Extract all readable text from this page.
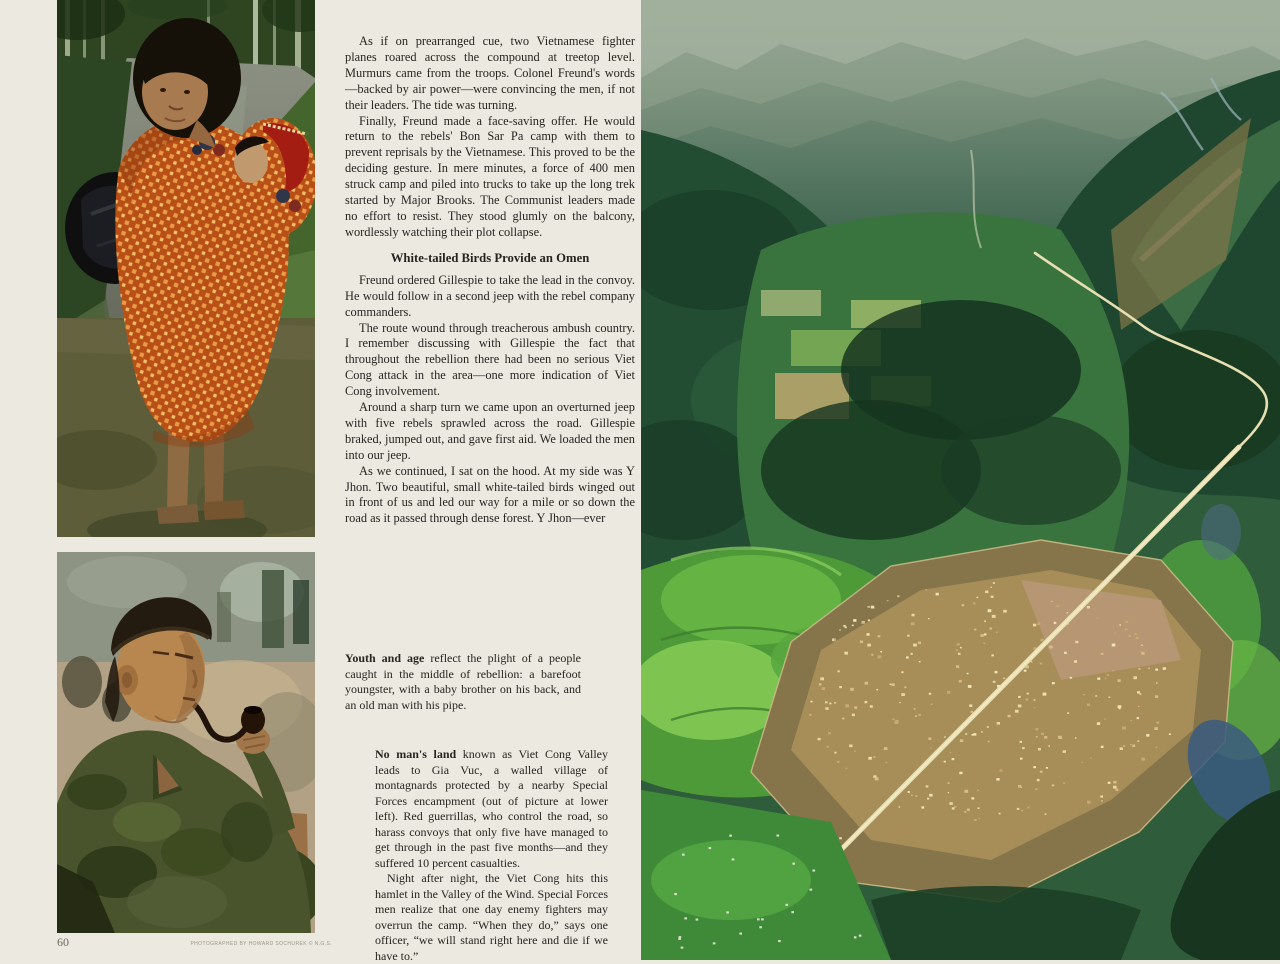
As if on prearranged cue, two Vietnamese fighter planes roared across the compound at treetop level. Murmurs came from the troops. Colonel Freund's words—backed by air power—were convincing the men, if not their leaders. The tide was turning.

Finally, Freund made a face-saving offer. He would return to the rebels' Bon Sar Pa camp with them to prevent reprisals by the Vietnamese. This proved to be the deciding gesture. In mere minutes, a force of 400 men struck camp and piled into trucks to take up the long trek started by Major Brooks. The Communist leaders made no effort to resist. They stood glumly on the balcony, wordlessly watching their plot collapse.

White-tailed Birds Provide an Omen

Freund ordered Gillespie to take the lead in the convoy. He would follow in a second jeep with the rebel company commanders.

The route wound through treacherous ambush country. I remember discussing with Gillespie the fact that throughout the rebellion there had been no serious Viet Cong attack in the area—one more indication of Viet Cong involvement.

Around a sharp turn we came upon an overturned jeep with five rebels sprawled across the road. Gillespie braked, jumped out, and gave first aid. We loaded the men into our jeep.

As we continued, I sat on the hood. At my side was Y Jhon. Two beautiful, small white-tailed birds winged out in front of us and led our way for a mile or so down the road as it passed through dense forest. Y Jhon—ever

Youth and age reflect the plight of a people caught in the middle of rebellion: a barefoot youngster, with a baby brother on his back, and an old man with his pipe.

No man's land known as Viet Cong Valley leads to Gia Vuc, a walled village of montagnards protected by a nearby Special Forces encampment (out of picture at lower left). Red guerrillas, who control the road, so harass convoys that only five have managed to get through in the past five months—and they suffered 10 percent casualties.

Night after night, the Viet Cong hits this hamlet in the Valley of the Wind. Special Forces men realize that one day enemy fighters may overrun the camp. “When they do,” says one officer, “we will stand right here and die if we have to.”

60	PHOTOGRAPHED BY HOWARD SOCHUREK © N.G.S.
